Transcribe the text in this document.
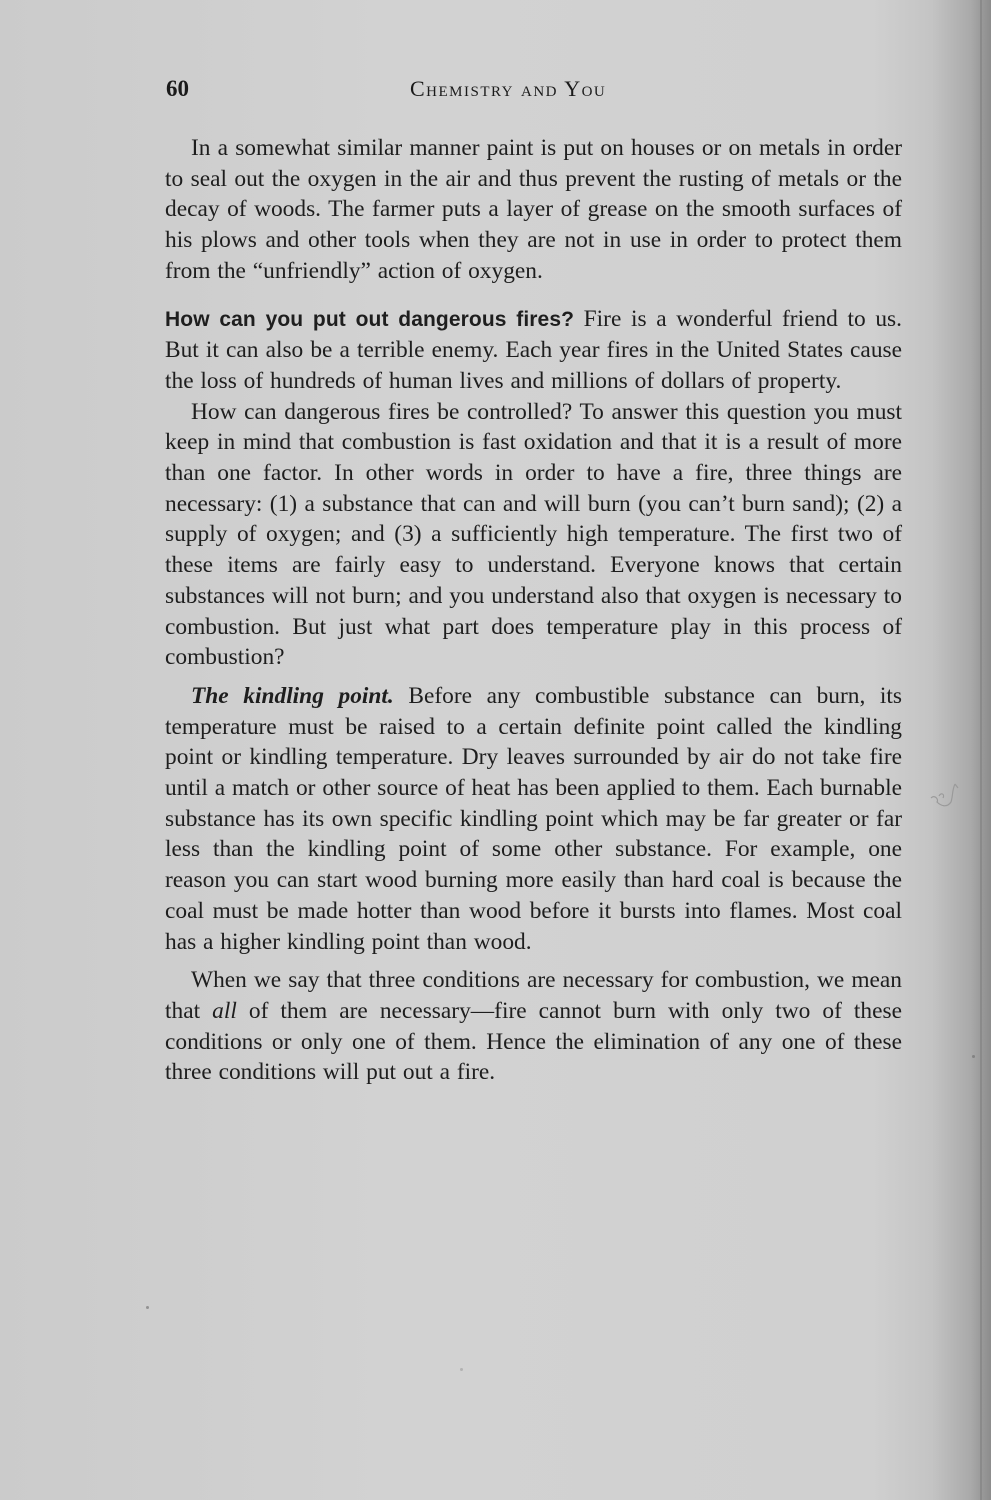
60	Chemistry and You

In a somewhat similar manner paint is put on houses or on metals in order to seal out the oxygen in the air and thus prevent the rusting of metals or the decay of woods. The farmer puts a layer of grease on the smooth surfaces of his plows and other tools when they are not in use in order to protect them from the “unfriendly” action of oxygen.

How can you put out dangerous fires? Fire is a wonderful friend to us. But it can also be a terrible enemy. Each year fires in the United States cause the loss of hundreds of human lives and millions of dollars of property.

How can dangerous fires be controlled? To answer this question you must keep in mind that combustion is fast oxidation and that it is a result of more than one factor. In other words in order to have a fire, three things are necessary: (1) a substance that can and will burn (you can’t burn sand); (2) a supply of oxygen; and (3) a sufficiently high temperature. The first two of these items are fairly easy to understand. Everyone knows that certain substances will not burn; and you understand also that oxygen is necessary to combustion. But just what part does temperature play in this process of combustion?

The kindling point. Before any combustible substance can burn, its temperature must be raised to a certain definite point called the kindling point or kindling temperature. Dry leaves surrounded by air do not take fire until a match or other source of heat has been applied to them. Each burnable substance has its own specific kindling point which may be far greater or far less than the kindling point of some other substance. For example, one reason you can start wood burning more easily than hard coal is because the coal must be made hotter than wood before it bursts into flames. Most coal has a higher kindling point than wood.

When we say that three conditions are necessary for combustion, we mean that all of them are necessary—fire cannot burn with only two of these conditions or only one of them. Hence the elimination of any one of these three conditions will put out a fire.
